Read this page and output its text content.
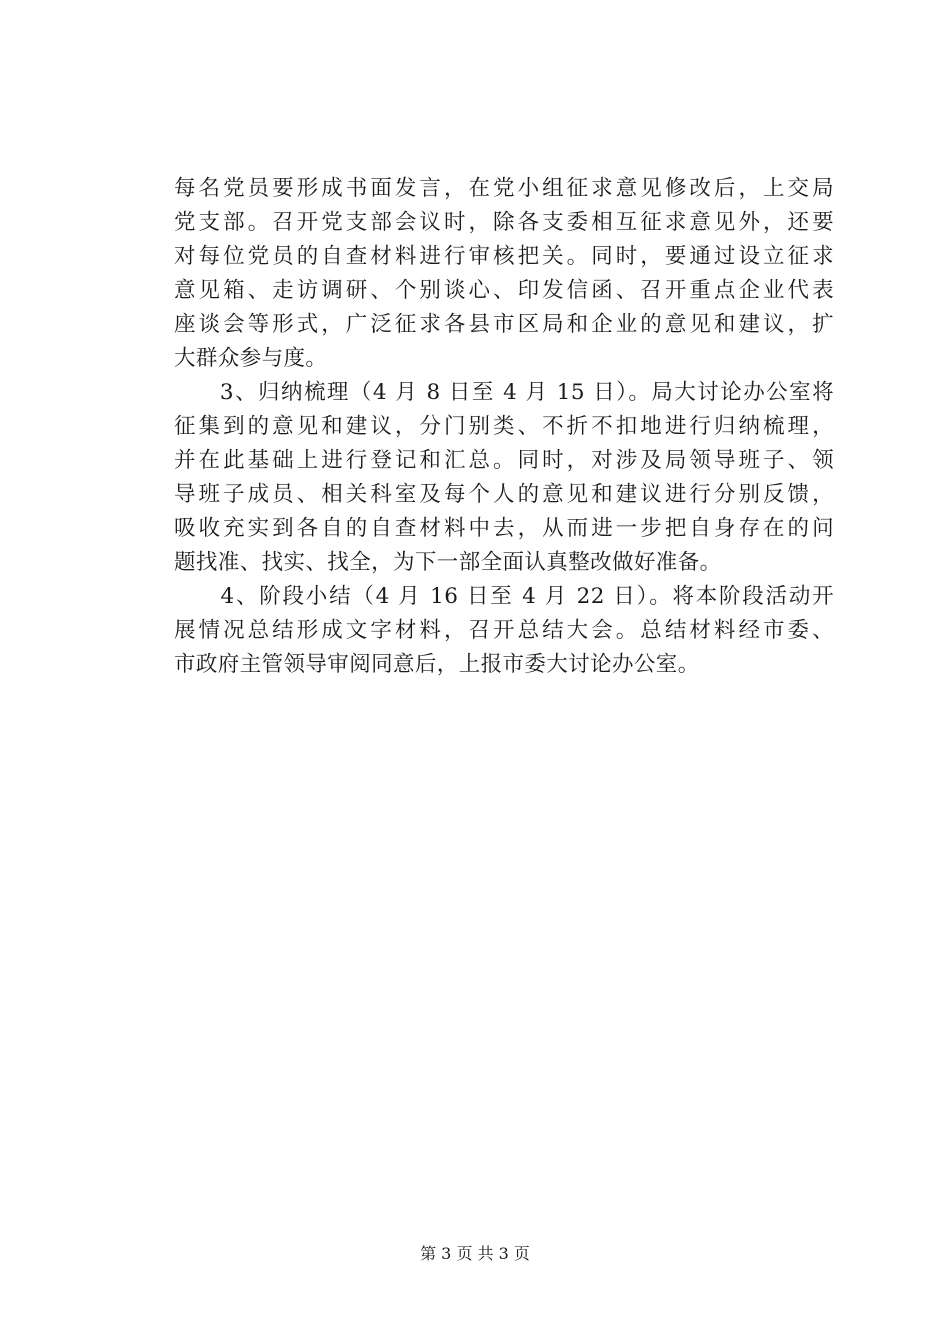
每名党员要形成书面发言，在党小组征求意见修改后，上交局
党支部。召开党支部会议时，除各支委相互征求意见外，还要
对每位党员的自查材料进行审核把关。同时，要通过设立征求
意见箱、走访调研、个别谈心、印发信函、召开重点企业代表
座谈会等形式，广泛征求各县市区局和企业的意见和建议，扩
大群众参与度。
　　3、归纳梳理（4 月 8 日至 4 月 15 日）。局大讨论办公室将
征集到的意见和建议，分门别类、不折不扣地进行归纳梳理，
并在此基础上进行登记和汇总。同时，对涉及局领导班子、领
导班子成员、相关科室及每个人的意见和建议进行分别反馈，
吸收充实到各自的自查材料中去，从而进一步把自身存在的问
题找准、找实、找全，为下一部全面认真整改做好准备。
　　4、阶段小结（4 月 16 日至 4 月 22 日）。将本阶段活动开
展情况总结形成文字材料，召开总结大会。总结材料经市委、
市政府主管领导审阅同意后，上报市委大讨论办公室。
第 3 页 共 3 页
